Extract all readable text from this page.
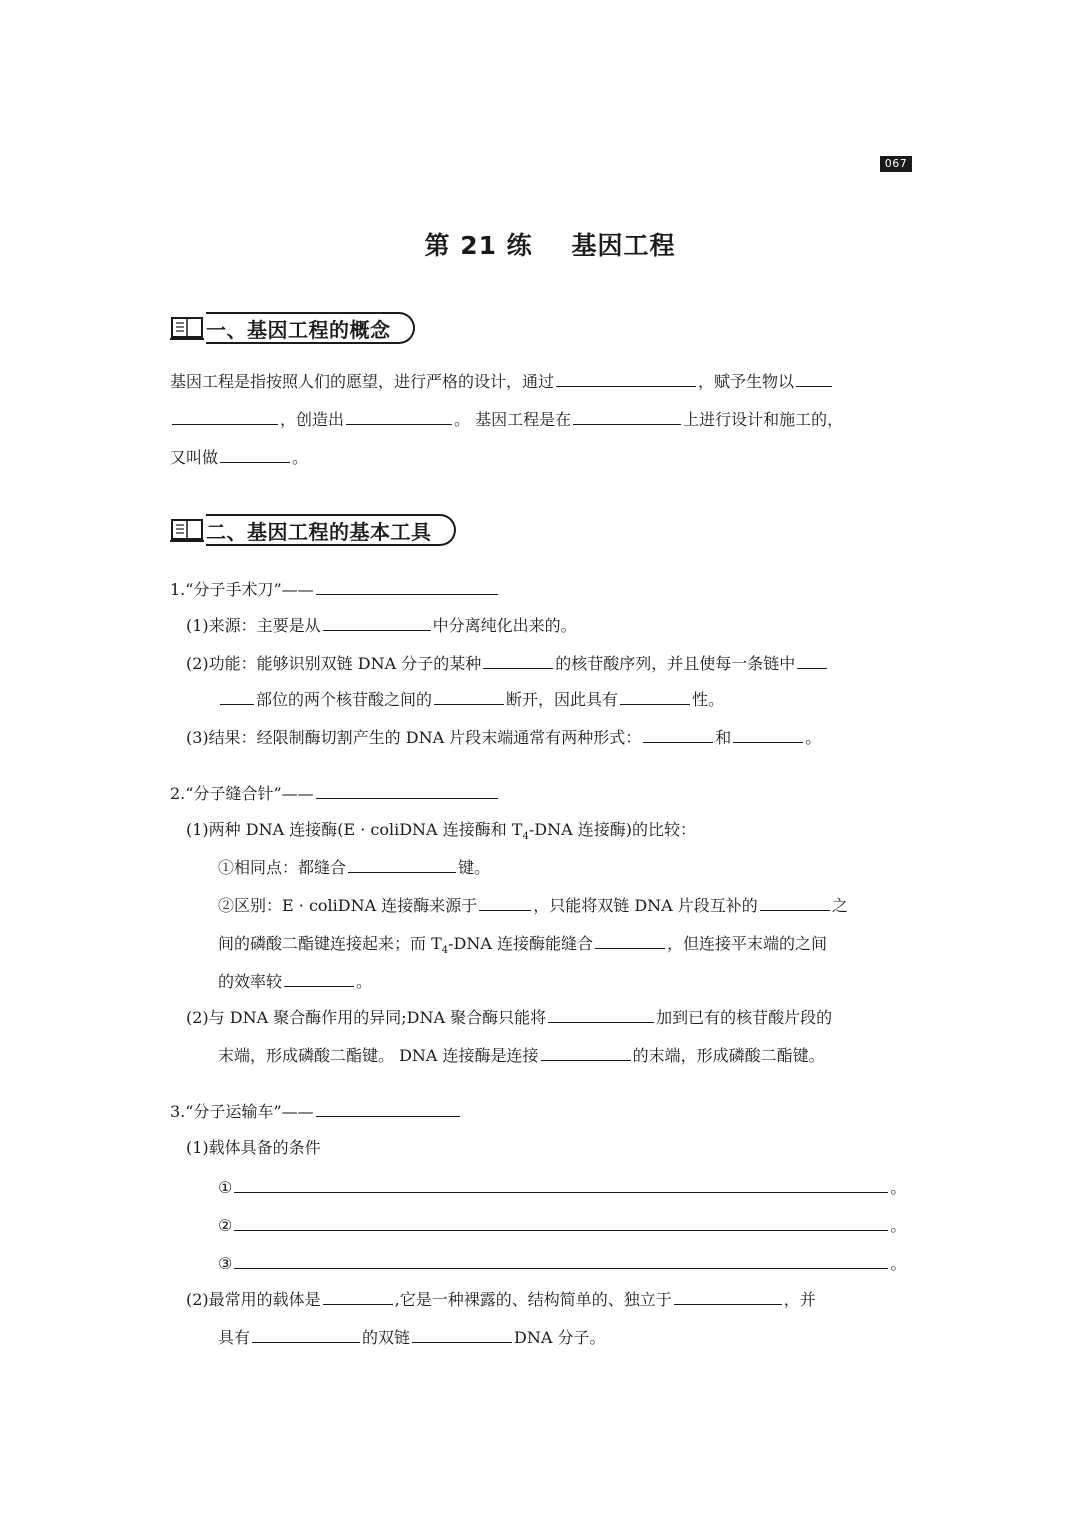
067
第 21 练    基因工程
一、基因工程的概念
基因工程是指按照人们的愿望，进行严格的设计，通过	，赋予生物以
，创造出	。 基因工程是在	上进行设计和施工的，
又叫做	。
二、基因工程的基本工具
1.“分子手术刀”——
(1)来源：主要是从	中分离纯化出来的。
(2)功能：能够识别双链 DNA 分子的某种	的核苷酸序列，并且使每一条链中
部位的两个核苷酸之间的	断开，因此具有	性。
(3)结果：经限制酶切割产生的 DNA 片段末端通常有两种形式：	和	。
2.“分子缝合针”——
(1)两种 DNA 连接酶(E · coliDNA 连接酶和 $T_4$-DNA 连接酶)的比较：
①相同点：都缝合	键。
②区别：E · coliDNA 连接酶来源于	，只能将双链 DNA 片段互补的	之
间的磷酸二酯键连接起来；而 $T_4$-DNA 连接酶能缝合	，但连接平末端的之间
的效率较	。
(2)与 DNA 聚合酶作用的异同;DNA 聚合酶只能将	加到已有的核苷酸片段的
末端，形成磷酸二酯键。 DNA 连接酶是连接	的末端，形成磷酸二酯键。
3.“分子运输车”——
(1)载体具备的条件
①	。
②	。
③	。
(2)最常用的载体是	,它是一种裸露的、结构简单的、独立于	，并
具有	的双链	DNA 分子。
